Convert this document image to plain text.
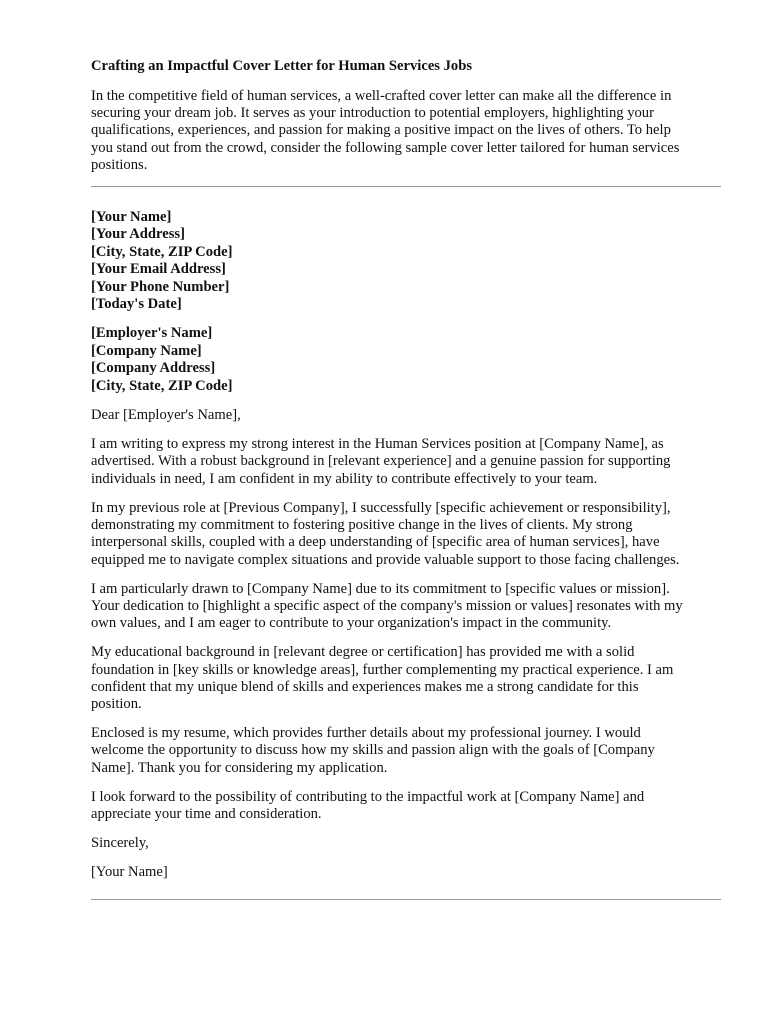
Crafting an Impactful Cover Letter for Human Services Jobs
In the competitive field of human services, a well-crafted cover letter can make all the difference in
securing your dream job. It serves as your introduction to potential employers, highlighting your
qualifications, experiences, and passion for making a positive impact on the lives of others. To help
you stand out from the crowd, consider the following sample cover letter tailored for human services
positions.
[Your Name]
[Your Address]
[City, State, ZIP Code]
[Your Email Address]
[Your Phone Number]
[Today's Date]
[Employer's Name]
[Company Name]
[Company Address]
[City, State, ZIP Code]
Dear [Employer's Name],
I am writing to express my strong interest in the Human Services position at [Company Name], as
advertised. With a robust background in [relevant experience] and a genuine passion for supporting
individuals in need, I am confident in my ability to contribute effectively to your team.
In my previous role at [Previous Company], I successfully [specific achievement or responsibility],
demonstrating my commitment to fostering positive change in the lives of clients. My strong
interpersonal skills, coupled with a deep understanding of [specific area of human services], have
equipped me to navigate complex situations and provide valuable support to those facing challenges.
I am particularly drawn to [Company Name] due to its commitment to [specific values or mission].
Your dedication to [highlight a specific aspect of the company's mission or values] resonates with my
own values, and I am eager to contribute to your organization's impact in the community.
My educational background in [relevant degree or certification] has provided me with a solid
foundation in [key skills or knowledge areas], further complementing my practical experience. I am
confident that my unique blend of skills and experiences makes me a strong candidate for this
position.
Enclosed is my resume, which provides further details about my professional journey. I would
welcome the opportunity to discuss how my skills and passion align with the goals of [Company
Name]. Thank you for considering my application.
I look forward to the possibility of contributing to the impactful work at [Company Name] and
appreciate your time and consideration.
Sincerely,
[Your Name]
